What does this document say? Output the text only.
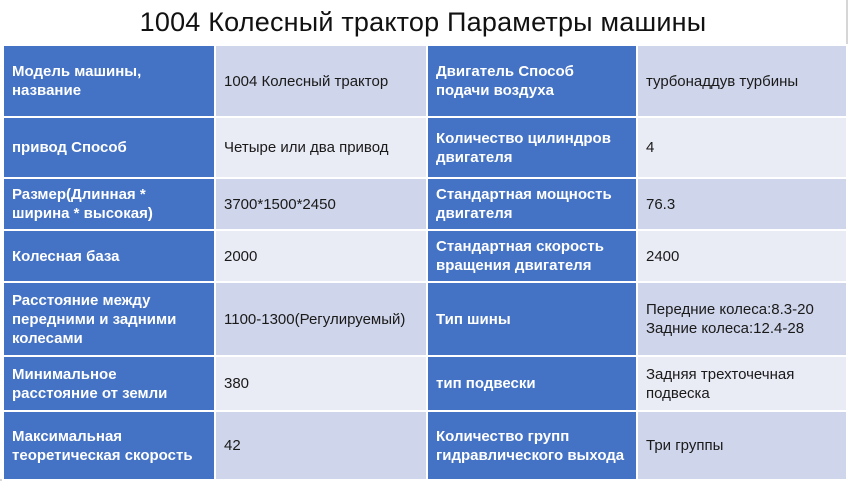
1004 Колесный трактор Параметры машины
Модель машины, название	1004 Колесный трактор	Двигатель Способ подачи воздуха	турбонаддув турбины
привод Способ	Четыре или два привод	Количество цилиндров двигателя	4
Размер(Длинная * ширина * высокая)	3700*1500*2450	Стандартная мощность двигателя	76.3
Колесная база	2000	Стандартная скорость вращения двигателя	2400
Расстояние между передними и задними колесами	1100-1300(Регулируемый)	Тип шины	Передние колеса:8.3-20
Задние колеса:12.4-28

Минимальное расстояние от земли	380	тип подвески	Задняя трехточечная подвеска
Максимальная теоретическая скорость	42	Количество групп гидравлического выхода	Три группы
